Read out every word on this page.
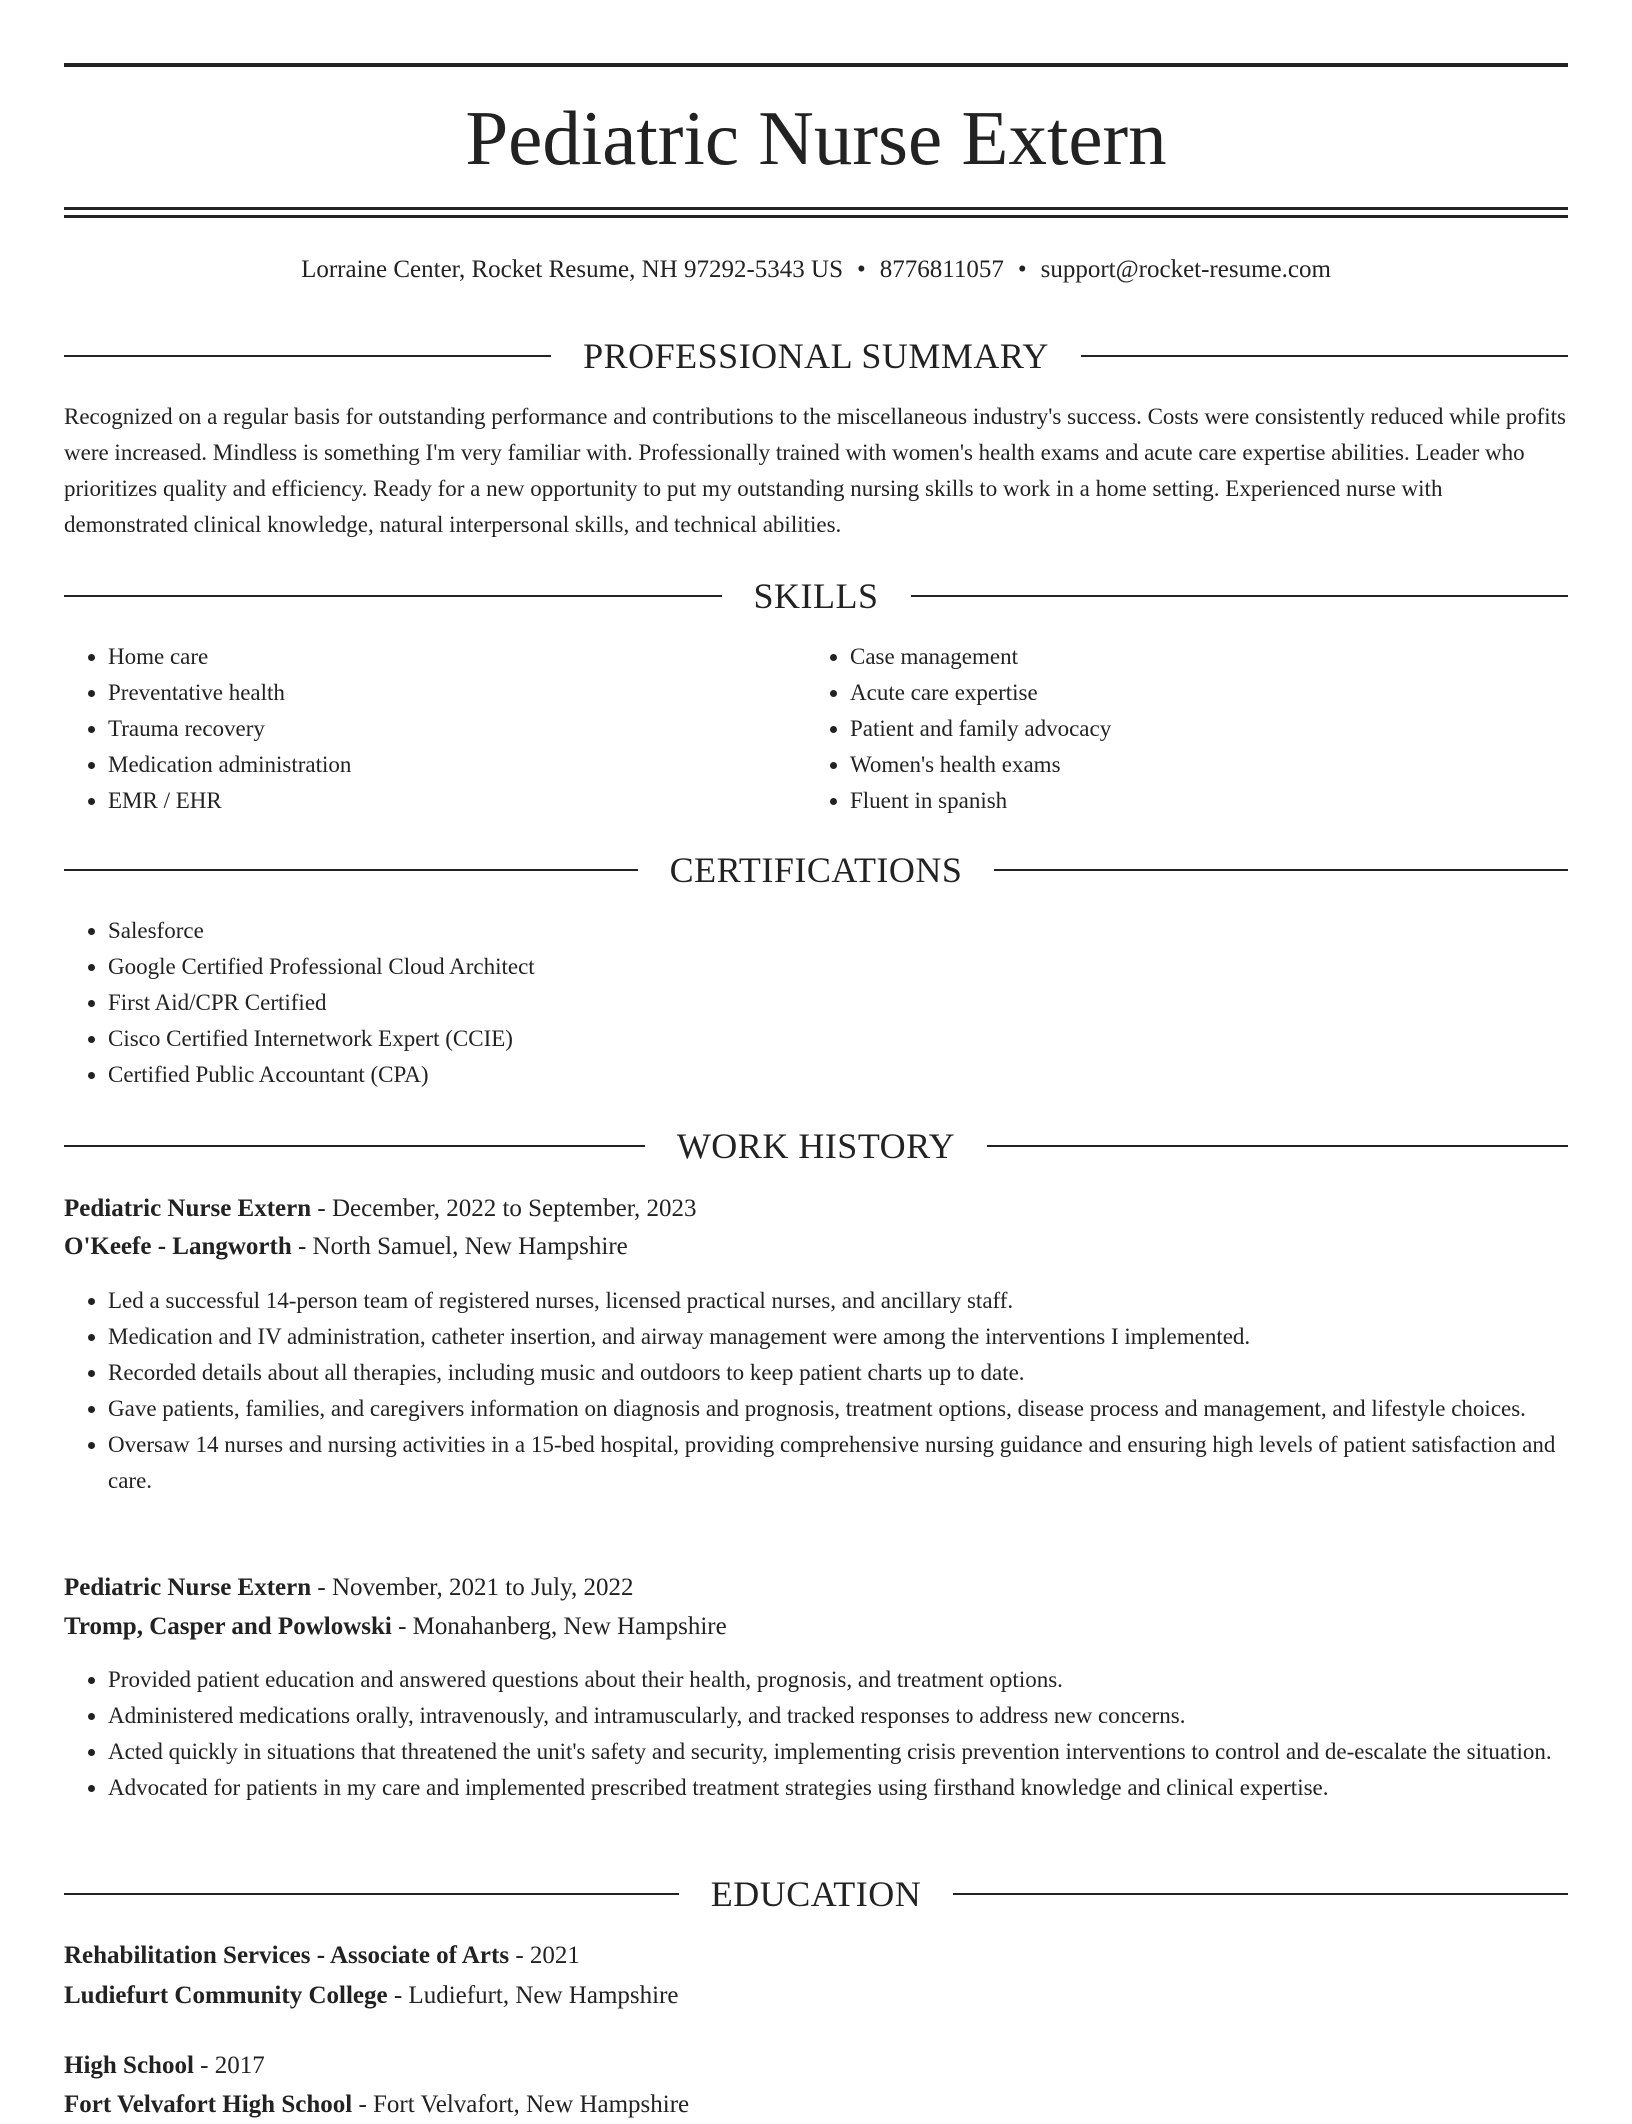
Pediatric Nurse Extern
Lorraine Center, Rocket Resume, NH 97292-5343 US • 8776811057 • support@rocket-resume.com
PROFESSIONAL SUMMARY
Recognized on a regular basis for outstanding performance and contributions to the miscellaneous industry's success. Costs were consistently reduced while profits were increased. Mindless is something I'm very familiar with. Professionally trained with women's health exams and acute care expertise abilities. Leader who prioritizes quality and efficiency. Ready for a new opportunity to put my outstanding nursing skills to work in a home setting. Experienced nurse with demonstrated clinical knowledge, natural interpersonal skills, and technical abilities.
SKILLS
• Home care
• Preventative health
• Trauma recovery
• Medication administration
• EMR / EHR
• Case management
• Acute care expertise
• Patient and family advocacy
• Women's health exams
• Fluent in spanish
CERTIFICATIONS
• Salesforce
• Google Certified Professional Cloud Architect
• First Aid/CPR Certified
• Cisco Certified Internetwork Expert (CCIE)
• Certified Public Accountant (CPA)
WORK HISTORY
Pediatric Nurse Extern - December, 2022 to September, 2023
O'Keefe - Langworth - North Samuel, New Hampshire
• Led a successful 14-person team of registered nurses, licensed practical nurses, and ancillary staff.
• Medication and IV administration, catheter insertion, and airway management were among the interventions I implemented.
• Recorded details about all therapies, including music and outdoors to keep patient charts up to date.
• Gave patients, families, and caregivers information on diagnosis and prognosis, treatment options, disease process and management, and lifestyle choices.
• Oversaw 14 nurses and nursing activities in a 15-bed hospital, providing comprehensive nursing guidance and ensuring high levels of patient satisfaction and care.
Pediatric Nurse Extern - November, 2021 to July, 2022
Tromp, Casper and Powlowski - Monahanberg, New Hampshire
• Provided patient education and answered questions about their health, prognosis, and treatment options.
• Administered medications orally, intravenously, and intramuscularly, and tracked responses to address new concerns.
• Acted quickly in situations that threatened the unit's safety and security, implementing crisis prevention interventions to control and de-escalate the situation.
• Advocated for patients in my care and implemented prescribed treatment strategies using firsthand knowledge and clinical expertise.
EDUCATION
Rehabilitation Services - Associate of Arts - 2021
Ludiefurt Community College - Ludiefurt, New Hampshire
High School - 2017
Fort Velvafort High School - Fort Velvafort, New Hampshire
